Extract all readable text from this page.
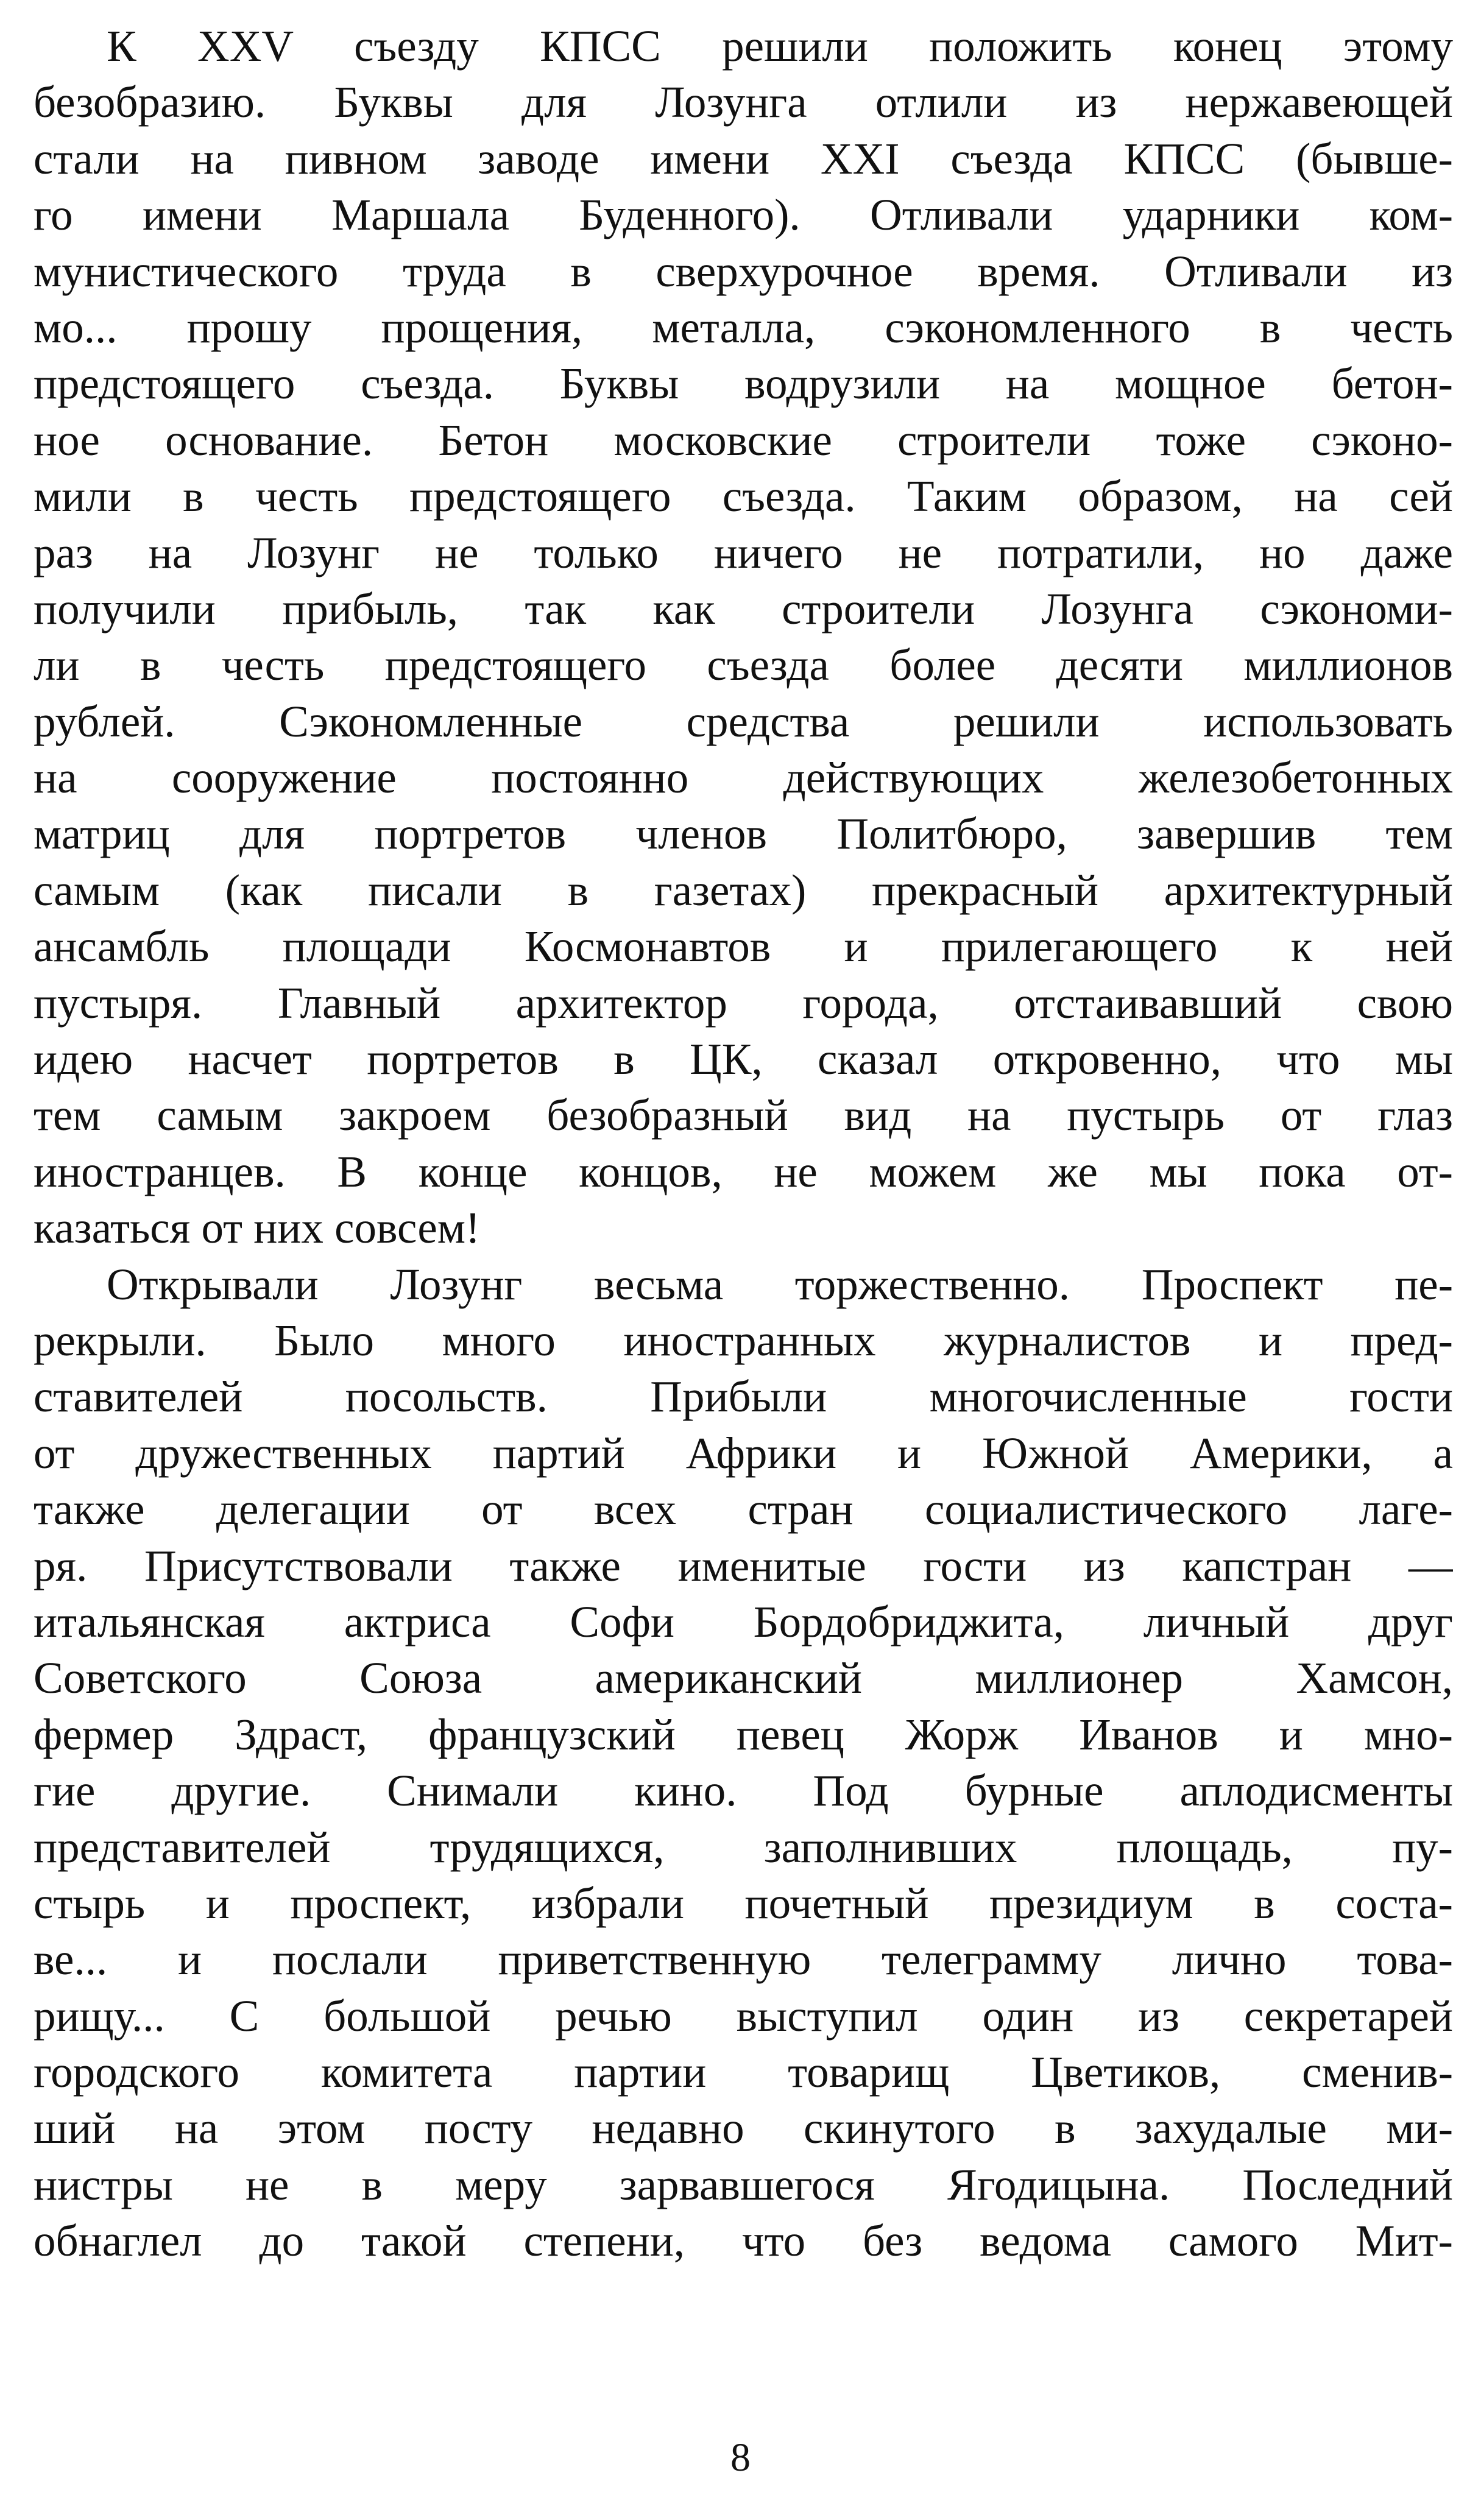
К XXV съезду КПСС решили положить конец этому
безобразию. Буквы для Лозунга отлили из нержавеющей
стали на пивном заводе имени XXI съезда КПСС (бывше-
го имени Маршала Буденного). Отливали ударники ком-
мунистического труда в сверхурочное время. Отливали из
мо... прошу прощения, металла, сэкономленного в честь
предстоящего съезда. Буквы водрузили на мощное бетон-
ное основание. Бетон московские строители тоже сэконо-
мили в честь предстоящего съезда. Таким образом, на сей
раз на Лозунг не только ничего не потратили, но даже
получили прибыль, так как строители Лозунга сэкономи-
ли в честь предстоящего съезда более десяти миллионов
рублей. Сэкономленные средства решили использовать
на сооружение постоянно действующих железобетонных
матриц для портретов членов Политбюро, завершив тем
самым (как писали в газетах) прекрасный архитектурный
ансамбль площади Космонавтов и прилегающего к ней
пустыря. Главный архитектор города, отстаивавший свою
идею насчет портретов в ЦК, сказал откровенно, что мы
тем самым закроем безобразный вид на пустырь от глаз
иностранцев. В конце концов, не можем же мы пока от-
казаться от них совсем!
Открывали Лозунг весьма торжественно. Проспект пе-
рекрыли. Было много иностранных журналистов и пред-
ставителей посольств. Прибыли многочисленные гости
от дружественных партий Африки и Южной Америки, а
также делегации от всех стран социалистического лаге-
ря. Присутствовали также именитые гости из капстран —
итальянская актриса Софи Бордобриджита, личный друг
Советского Союза американский миллионер Хамсон,
фермер Здраст, французский певец Жорж Иванов и мно-
гие другие. Снимали кино. Под бурные аплодисменты
представителей трудящихся, заполнивших площадь, пу-
стырь и проспект, избрали почетный президиум в соста-
ве... и послали приветственную телеграмму лично това-
рищу... С большой речью выступил один из секретарей
городского комитета партии товарищ Цветиков, сменив-
ший на этом посту недавно скинутого в захудалые ми-
нистры не в меру зарвавшегося Ягодицына. Последний
обнаглел до такой степени, что без ведома самого Мит-
8
